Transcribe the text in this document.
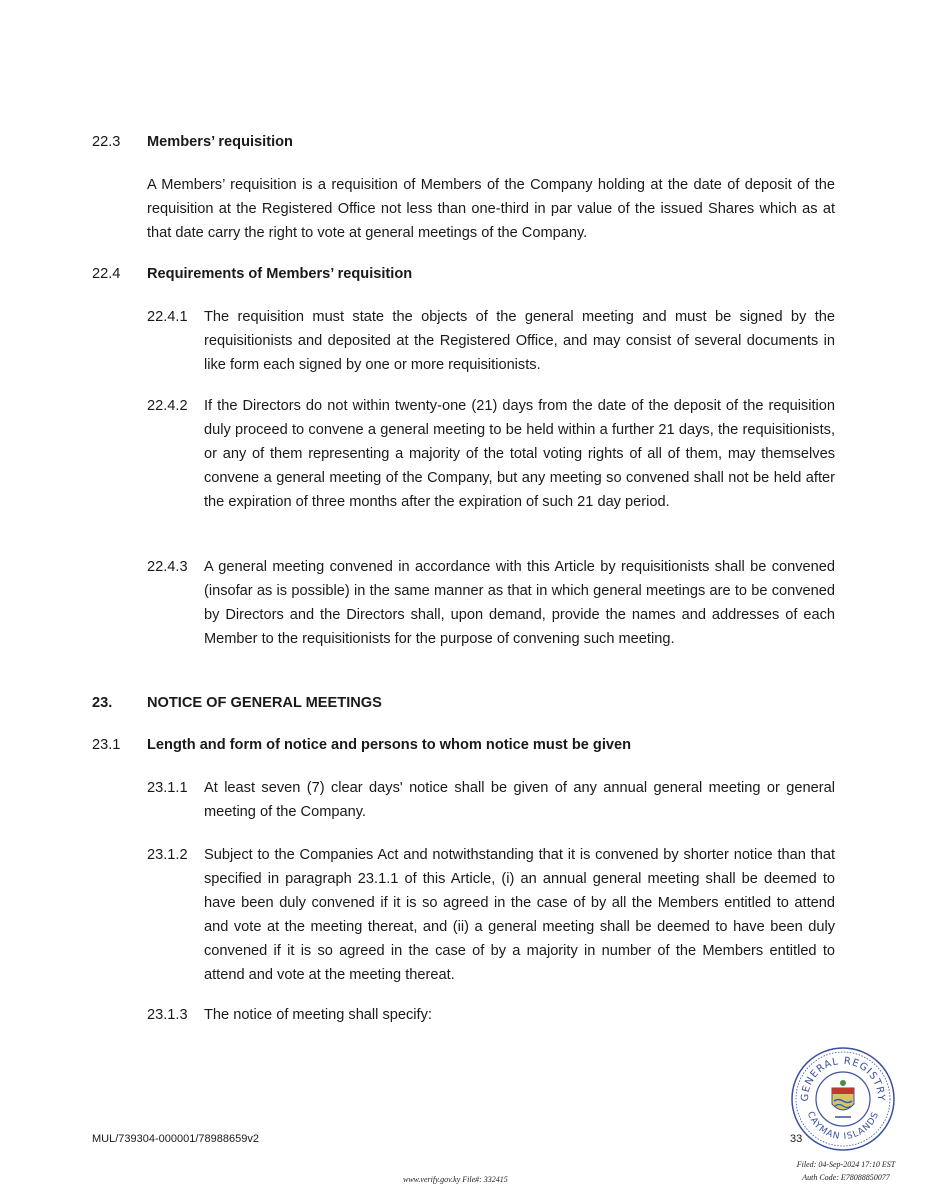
22.3 Members’ requisition
A Members’ requisition is a requisition of Members of the Company holding at the date of deposit of the requisition at the Registered Office not less than one-third in par value of the issued Shares which as at that date carry the right to vote at general meetings of the Company.
22.4 Requirements of Members’ requisition
22.4.1 The requisition must state the objects of the general meeting and must be signed by the requisitionists and deposited at the Registered Office, and may consist of several documents in like form each signed by one or more requisitionists.
22.4.2 If the Directors do not within twenty-one (21) days from the date of the deposit of the requisition duly proceed to convene a general meeting to be held within a further 21 days, the requisitionists, or any of them representing a majority of the total voting rights of all of them, may themselves convene a general meeting of the Company, but any meeting so convened shall not be held after the expiration of three months after the expiration of such 21 day period.
22.4.3 A general meeting convened in accordance with this Article by requisitionists shall be convened (insofar as is possible) in the same manner as that in which general meetings are to be convened by Directors and the Directors shall, upon demand, provide the names and addresses of each Member to the requisitionists for the purpose of convening such meeting.
23. NOTICE OF GENERAL MEETINGS
23.1 Length and form of notice and persons to whom notice must be given
23.1.1 At least seven (7) clear days' notice shall be given of any annual general meeting or general meeting of the Company.
23.1.2 Subject to the Companies Act and notwithstanding that it is convened by shorter notice than that specified in paragraph 23.1.1 of this Article, (i) an annual general meeting shall be deemed to have been duly convened if it is so agreed in the case of by all the Members entitled to attend and vote at the meeting thereat, and (ii) a general meeting shall be deemed to have been duly convened if it is so agreed in the case of by a majority in number of the Members entitled to attend and vote at the meeting thereat.
23.1.3 The notice of meeting shall specify:
GENERAL REGISTRY
CAYMAN ISLANDS
MUL/739304-000001/78988659v2	33
Filed: 04-Sep-2024 17:10 EST
Auth Code: E78088850077
www.verify.gov.ky File#: 332415
